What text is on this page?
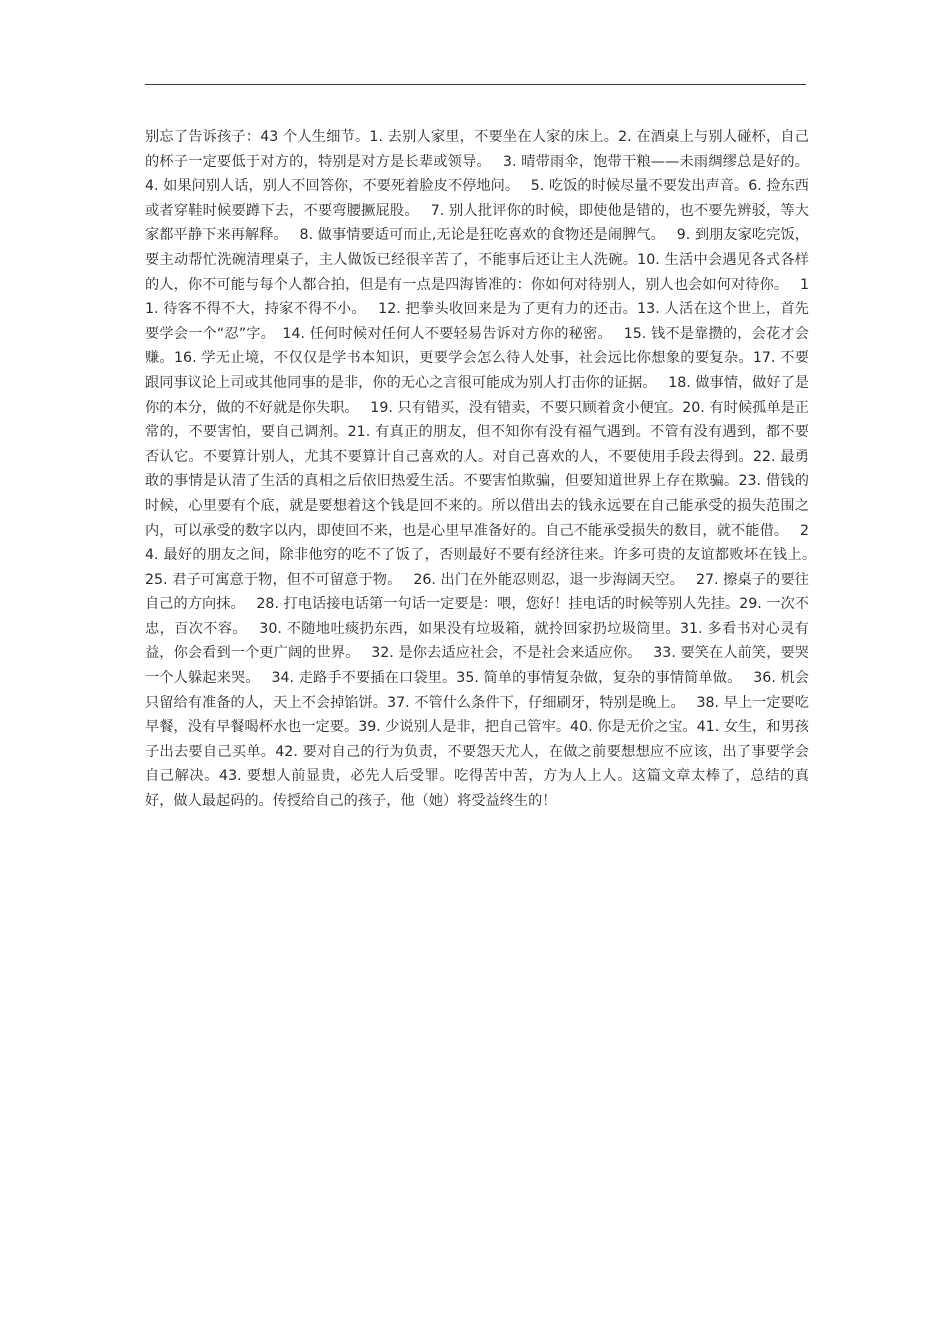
别忘了告诉孩子：43 个人生细节。1. 去别人家里，不要坐在人家的床上。2. 在酒桌上与别人碰杯，自己的杯子一定要低于对方的，特别是对方是长辈或领导。　 3. 晴带雨伞，饱带干粮——未雨绸缪总是好的。4. 如果问别人话，别人不回答你，不要死着脸皮不停地问。　 5. 吃饭的时候尽量不要发出声音。6. 捡东西或者穿鞋时候要蹲下去，不要弯腰撅屁股。　 7. 别人批评你的时候，即使他是错的，也不要先辨驳，等大家都平静下来再解释。　 8. 做事情要适可而止,无论是狂吃喜欢的食物还是闹脾气。　 9. 到朋友家吃完饭，要主动帮忙洗碗清理桌子，主人做饭已经很辛苦了，不能事后还让主人洗碗。10. 生活中会遇见各式各样的人，你不可能与每个人都合拍，但是有一点是四海皆准的：你如何对待别人，别人也会如何对待你。　 11. 待客不得不大，持家不得不小。　 12. 把拳头收回来是为了更有力的还击。13. 人活在这个世上，首先要学会一个“忍”字。　14. 任何时候对任何人不要轻易告诉对方你的秘密。　 15. 钱不是靠攒的，会花才会赚。16. 学无止境，不仅仅是学书本知识，更要学会怎么待人处事，社会远比你想象的要复杂。17. 不要跟同事议论上司或其他同事的是非，你的无心之言很可能成为别人打击你的证据。　 18. 做事情，做好了是你的本分，做的不好就是你失职。　 19. 只有错买，没有错卖，不要只顾着贪小便宜。20. 有时候孤单是正常的，不要害怕，要自己调剂。21. 有真正的朋友，但不知你有没有福气遇到。不管有没有遇到，都不要否认它。不要算计别人，尤其不要算计自己喜欢的人。对自己喜欢的人，不要使用手段去得到。22. 最勇敢的事情是认清了生活的真相之后依旧热爱生活。不要害怕欺骗，但要知道世界上存在欺骗。23. 借钱的时候，心里要有个底，就是要想着这个钱是回不来的。所以借出去的钱永远要在自己能承受的损失范围之内，可以承受的数字以内，即使回不来，也是心里早准备好的。自己不能承受损失的数目，就不能借。　 24. 最好的朋友之间，除非他穷的吃不了饭了，否则最好不要有经济往来。许多可贵的友谊都败坏在钱上。　 25. 君子可寓意于物，但不可留意于物。　 26. 出门在外能忍则忍，退一步海阔天空。　 27. 擦桌子的要往自己的方向抹。　 28. 打电话接电话第一句话一定要是：喂，您好！挂电话的时候等别人先挂。29. 一次不忠，百次不容。　 30. 不随地吐痰扔东西，如果没有垃圾箱，就拎回家扔垃圾筒里。31. 多看书对心灵有益，你会看到一个更广阔的世界。　 32. 是你去适应社会，不是社会来适应你。　 33. 要笑在人前笑，要哭一个人躲起来哭。　 34. 走路手不要插在口袋里。35. 简单的事情复杂做，复杂的事情简单做。　 36. 机会只留给有准备的人，天上不会掉馅饼。37. 不管什么条件下，仔细刷牙，特别是晚上。　 38. 早上一定要吃早餐，没有早餐喝杯水也一定要。39. 少说别人是非，把自己管牢。40. 你是无价之宝。41. 女生，和男孩子出去要自己买单。42. 要对自己的行为负责，不要怨天尤人，在做之前要想想应不应该，出了事要学会自己解决。43. 要想人前显贵，必先人后受罪。吃得苦中苦，方为人上人。这篇文章太棒了，总结的真好，做人最起码的。传授给自己的孩子，他（她）将受益终生的！
